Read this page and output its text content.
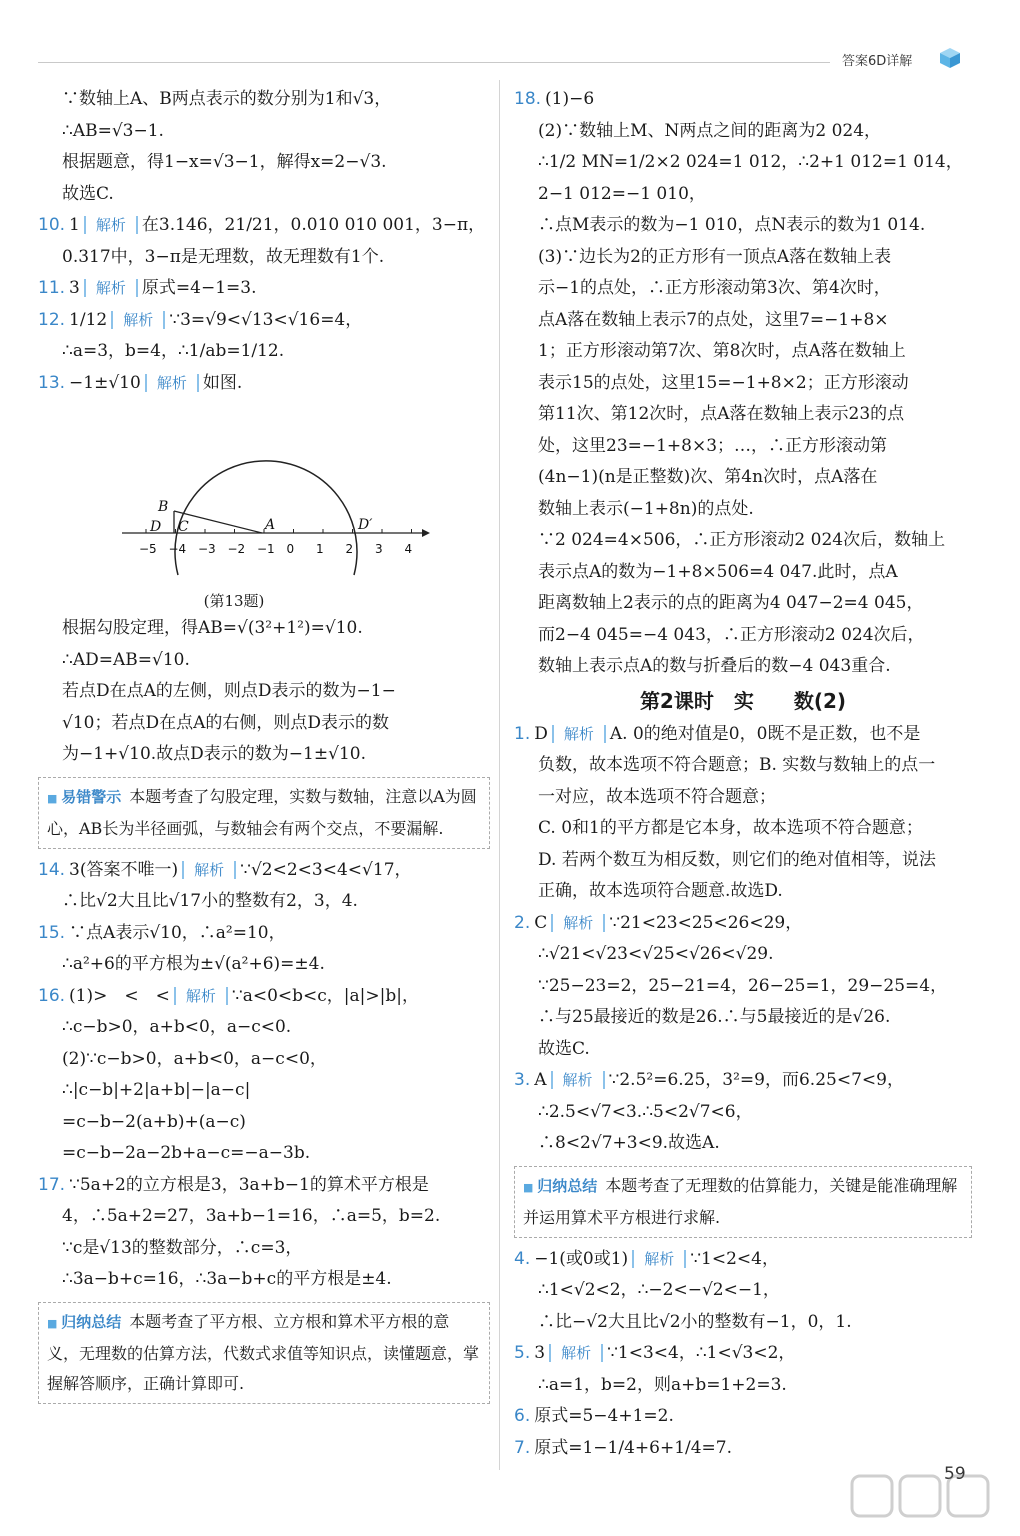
答案6D详解
∵数轴上A、B两点表示的数分别为1和√3，
∴AB=√3−1.
根据题意，得1−x=√3−1，解得x=2−√3.
故选C.
10. 1 解析 在3.146，21/21，0.010 010 001，3−π，
0.317中，3−π是无理数，故无理数有1个.
11. 3 解析 原式=4−1=3.
12. 1/12 解析 ∵3=√9<√13<√16=4，
∴a=3，b=4，∴1/ab=1/12.
13. −1±√10 解析 如图.
B
D C	A	D′
−5 −4 −3 −2 −1 0 1 2 3 4
(第13题)
根据勾股定理，得AB=√(3²+1²)=√10.
∴AD=AB=√10.
若点D在点A的左侧，则点D表示的数为−1−
√10；若点D在点A的右侧，则点D表示的数
为−1+√10.故点D表示的数为−1±√10.
■ 易错警示 本题考查了勾股定理，实数与数轴，注意以A为圆心，AB长为半径画弧，与数轴会有两个交点，不要漏解.
14. 3(答案不唯一) 解析 ∵√2<2<3<4<√17，
∴比√2大且比√17小的整数有2，3，4.
15. ∵点A表示√10，∴a²=10，
∴a²+6的平方根为±√(a²+6)=±4.
16. (1)>　<　< 解析 ∵a<0<b<c，|a|>|b|，
∴c−b>0，a+b<0，a−c<0.
(2)∵c−b>0，a+b<0，a−c<0，
∴|c−b|+2|a+b|−|a−c|
=c−b−2(a+b)+(a−c)
=c−b−2a−2b+a−c=−a−3b.
17. ∵5a+2的立方根是3，3a+b−1的算术平方根是
4，∴5a+2=27，3a+b−1=16，∴a=5，b=2.
∵c是√13的整数部分，∴c=3，
∴3a−b+c=16，∴3a−b+c的平方根是±4.
■ 归纳总结 本题考查了平方根、立方根和算术平方根的意义，无理数的估算方法，代数式求值等知识点，读懂题意，掌握解答顺序，正确计算即可.
18. (1)−6
(2)∵数轴上M、N两点之间的距离为2 024，
∴1/2 MN=1/2×2 024=1 012，∴2+1 012=1 014，
2−1 012=−1 010，
∴点M表示的数为−1 010，点N表示的数为1 014.
(3)∵边长为2的正方形有一顶点A落在数轴上表
示−1的点处，∴正方形滚动第3次、第4次时，
点A落在数轴上表示7的点处，这里7=−1+8×
1；正方形滚动第7次、第8次时，点A落在数轴上
表示15的点处，这里15=−1+8×2；正方形滚动
第11次、第12次时，点A落在数轴上表示23的点
处，这里23=−1+8×3；…，∴正方形滚动第
(4n−1)(n是正整数)次、第4n次时，点A落在
数轴上表示(−1+8n)的点处.
∵2 024=4×506，∴正方形滚动2 024次后，数轴上
表示点A的数为−1+8×506=4 047.此时，点A
距离数轴上2表示的点的距离为4 047−2=4 045，
而2−4 045=−4 043，∴正方形滚动2 024次后，
数轴上表示点A的数与折叠后的数−4 043重合.
第2课时　实　　数(2)
1. D 解析 A. 0的绝对值是0，0既不是正数，也不是
负数，故本选项不符合题意；B. 实数与数轴上的点一
一对应，故本选项不符合题意；
C. 0和1的平方都是它本身，故本选项不符合题意；
D. 若两个数互为相反数，则它们的绝对值相等，说法
正确，故本选项符合题意.故选D.
2. C 解析 ∵21<23<25<26<29，
∴√21<√23<√25<√26<√29.
∵25−23=2，25−21=4，26−25=1，29−25=4，
∴与25最接近的数是26.∴与5最接近的是√26.
故选C.
3. A 解析 ∵2.5²=6.25，3²=9，而6.25<7<9，
∴2.5<√7<3.∴5<2√7<6，
∴8<2√7+3<9.故选A.
■ 归纳总结 本题考查了无理数的估算能力，关键是能准确理解并运用算术平方根进行求解.
4. −1(或0或1) 解析 ∵1<2<4，
∴1<√2<2，∴−2<−√2<−1，
∴比−√2大且比√2小的整数有−1，0，1.
5. 3 解析 ∵1<3<4，∴1<√3<2，
∴a=1，b=2，则a+b=1+2=3.
6. 原式=5−4+1=2.
7. 原式=1−1/4+6+1/4=7.
59
